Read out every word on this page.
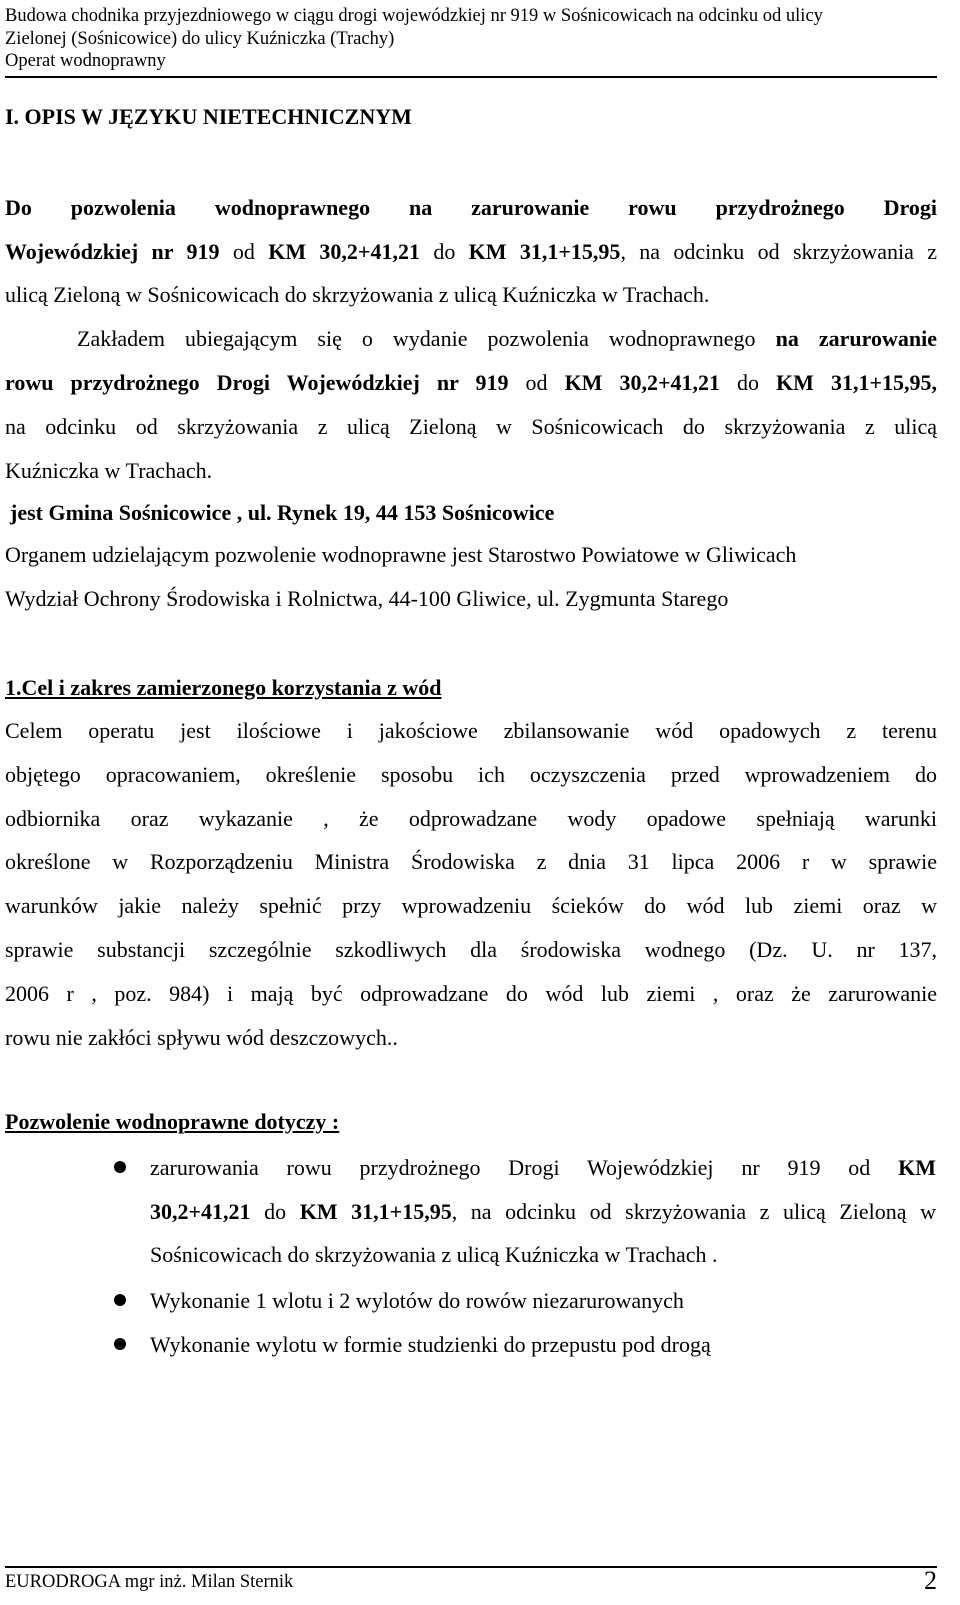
Budowa chodnika przyjezdniowego w ciągu drogi wojewódzkiej nr 919 w Sośnicowicach na odcinku od ulicy
Zielonej (Sośnicowice) do ulicy Kuźniczka (Trachy)
Operat wodnoprawny
I. OPIS W JĘZYKU NIETECHNICZNYM
Do pozwolenia wodnoprawnego na zarurowanie rowu przydrożnego Drogi
Wojewódzkiej nr 919 od KM 30,2+41,21 do KM 31,1+15,95, na odcinku od skrzyżowania z
ulicą Zieloną w Sośnicowicach do skrzyżowania z ulicą Kuźniczka w Trachach.
Zakładem ubiegającym się o wydanie pozwolenia wodnoprawnego na zarurowanie
rowu przydrożnego Drogi Wojewódzkiej nr 919 od KM 30,2+41,21 do KM 31,1+15,95,
na odcinku od skrzyżowania z ulicą Zieloną w Sośnicowicach do skrzyżowania z ulicą
Kuźniczka w Trachach.
jest Gmina Sośnicowice , ul. Rynek 19, 44 153 Sośnicowice
Organem udzielającym pozwolenie wodnoprawne jest Starostwo Powiatowe w Gliwicach
Wydział Ochrony Środowiska i Rolnictwa, 44-100 Gliwice, ul. Zygmunta Starego
1.Cel i zakres zamierzonego korzystania z wód
Celem operatu jest ilościowe i jakościowe zbilansowanie wód opadowych z terenu
objętego opracowaniem, określenie sposobu ich oczyszczenia przed wprowadzeniem do
odbiornika oraz wykazanie , że odprowadzane wody opadowe spełniają warunki
określone w Rozporządzeniu Ministra Środowiska z dnia 31 lipca 2006 r w sprawie
warunków jakie należy spełnić przy wprowadzeniu ścieków do wód lub ziemi oraz w
sprawie substancji szczególnie szkodliwych dla środowiska wodnego (Dz. U. nr 137,
2006 r , poz. 984) i mają być odprowadzane do wód lub ziemi , oraz że zarurowanie
rowu nie zakłóci spływu wód deszczowych..
Pozwolenie wodnoprawne dotyczy :
zarurowania rowu przydrożnego Drogi Wojewódzkiej nr 919 od KM
30,2+41,21 do KM 31,1+15,95, na odcinku od skrzyżowania z ulicą Zieloną w
Sośnicowicach do skrzyżowania z ulicą Kuźniczka w Trachach .
Wykonanie 1 wlotu i 2 wylotów do rowów niezarurowanych
Wykonanie wylotu w formie studzienki do przepustu pod drogą
EURODROGA mgr inż. Milan Sternik	2
